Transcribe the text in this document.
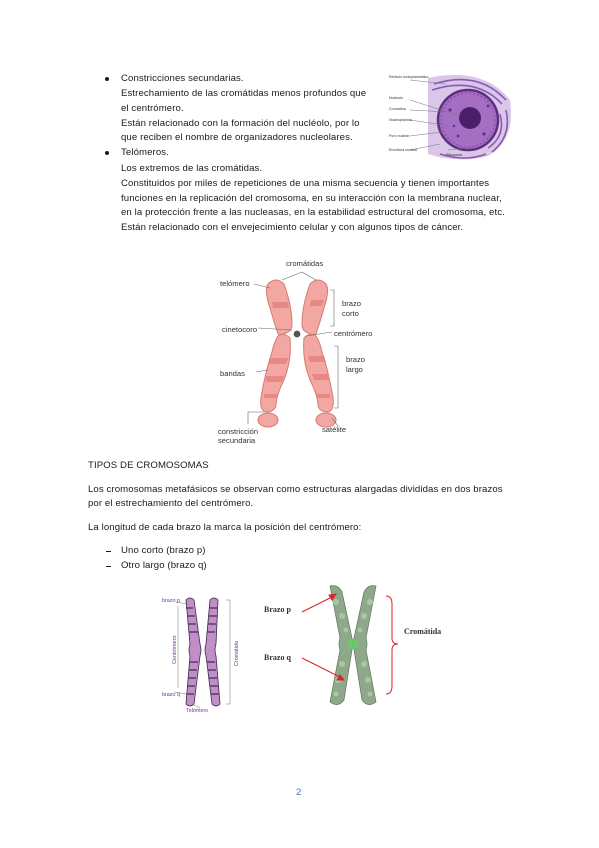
Constricciones secundarias.
Estrechamiento de las cromátidas menos profundos que
el centrómero.
Están relacionado con la formación del nucléolo, por lo
que reciben el nombre de organizadores nucleolares.
Telómeros.
Los extremos de las cromátidas.
Constituidos por miles de repeticiones de una misma secuencia y tienen importantes
funciones en la replicación del cromosoma, en su interacción con la membrana nuclear,
en la protección frente a las nucleasas, en la estabilidad estructural del cromosoma, etc.
Están relacionado con el envejecimiento celular y con algunos tipos de cáncer.
Retículo endoplasmático
Nucleolo
Cromatina
Nucleoplasma
Poro nuclear
Envoltura nuclear
Ribosoma
cromátidas
telómero
brazo
corto
cinetocoro	centrómero
brazo
largo
bandas
constricción
secundaria
satélite
TIPOS DE CROMOSOMAS
Los cromosomas metafásicos se observan como estructuras alargadas divididas en dos brazos
por el estrechamiento del centrómero.
La longitud de cada brazo la marca la posición del centrómero:
Uno corto (brazo p)
Otro largo (brazo q)
brazo p
Centrómero	Cromátida
brazo q
Telómero
Brazo p
Brazo q
Cromátida
2
